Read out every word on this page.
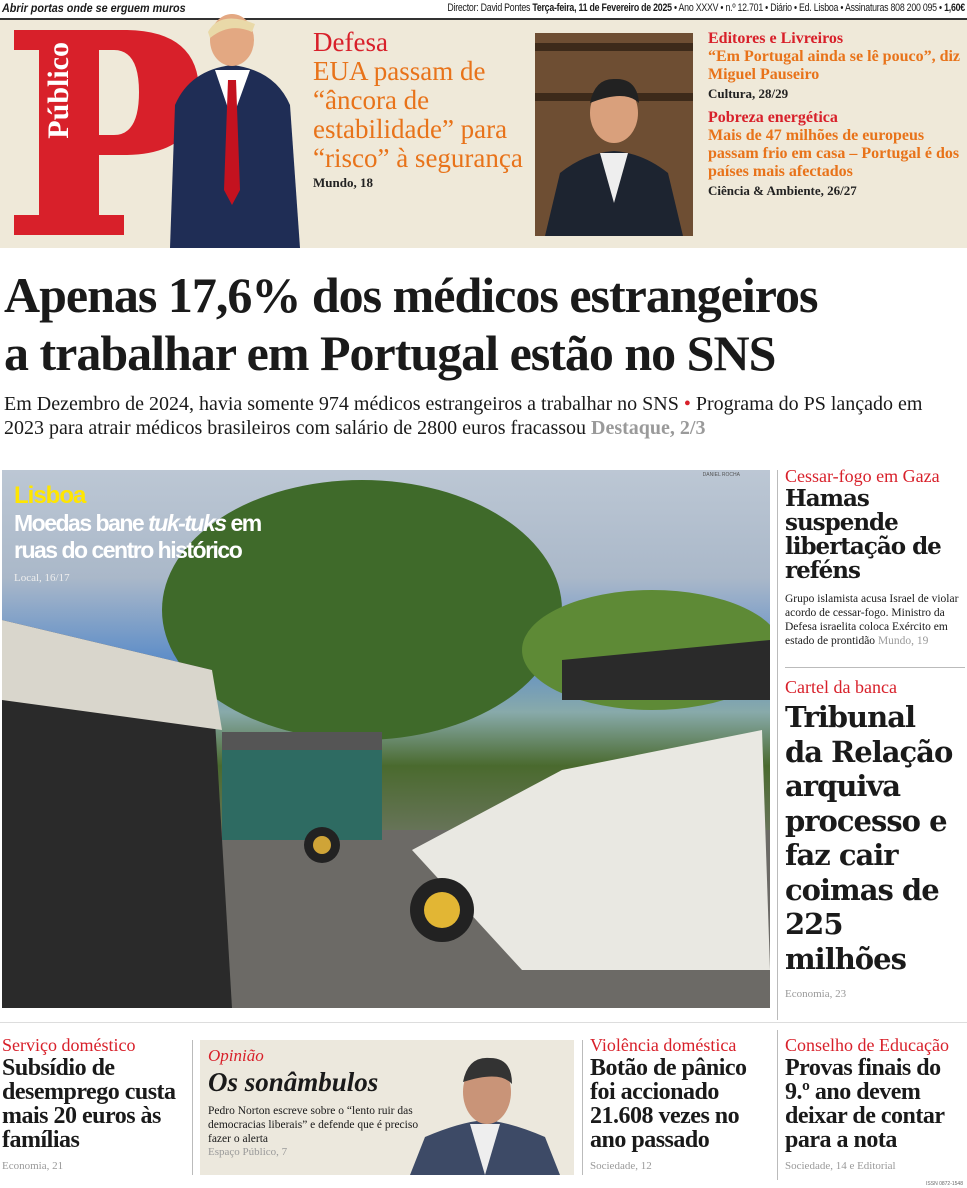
Abrir portas onde se erguem muros	Director: David Pontes Terça-feira, 11 de Fevereiro de 2025 • Ano XXXV • n.º 12.701 • Diário • Ed. Lisboa • Assinaturas 808 200 095 • 1,60€
Público	Defesa
EUA passam de “âncora de estabilidade” para “risco” à segurança
Mundo, 18
Editores e Livreiros
“Em Portugal ainda se lê pouco”, diz Miguel Pauseiro
Cultura, 28/29
Pobreza energética
Mais de 47 milhões de europeus passam frio em casa – Portugal é dos países mais afectados
Ciência & Ambiente, 26/27
Apenas 17,6% dos médicos estrangeiros
a trabalhar em Portugal estão no SNS
Em Dezembro de 2024, havia somente 974 médicos estrangeiros a trabalhar no SNS • Programa do PS lançado em 2023 para atrair médicos brasileiros com salário de 2800 euros fracassou Destaque, 2/3
DANIEL ROCHA
Lisboa
Moedas bane tuk-tuks em ruas do centro histórico
Local, 16/17
Cessar-fogo em Gaza
Hamas suspende libertação de reféns
Grupo islamista acusa Israel de violar acordo de cessar-fogo. Ministro da Defesa israelita coloca Exército em estado de prontidão Mundo, 19
Cartel da banca
Tribunal da Relação arquiva processo e faz cair coimas de 225 milhões
Economia, 23
Serviço doméstico
Subsídio de desemprego custa mais 20 euros às famílias
Economia, 21
Opinião
Os sonâmbulos
Pedro Norton escreve sobre o “lento ruir das democracias liberais” e defende que é preciso fazer o alerta
Espaço Público, 7
Violência doméstica
Botão de pânico foi accionado 21.608 vezes no ano passado
Sociedade, 12
Conselho de Educação
Provas finais do 9.º ano devem deixar de contar para a nota
Sociedade, 14 e Editorial
ISSN 0872-1548
